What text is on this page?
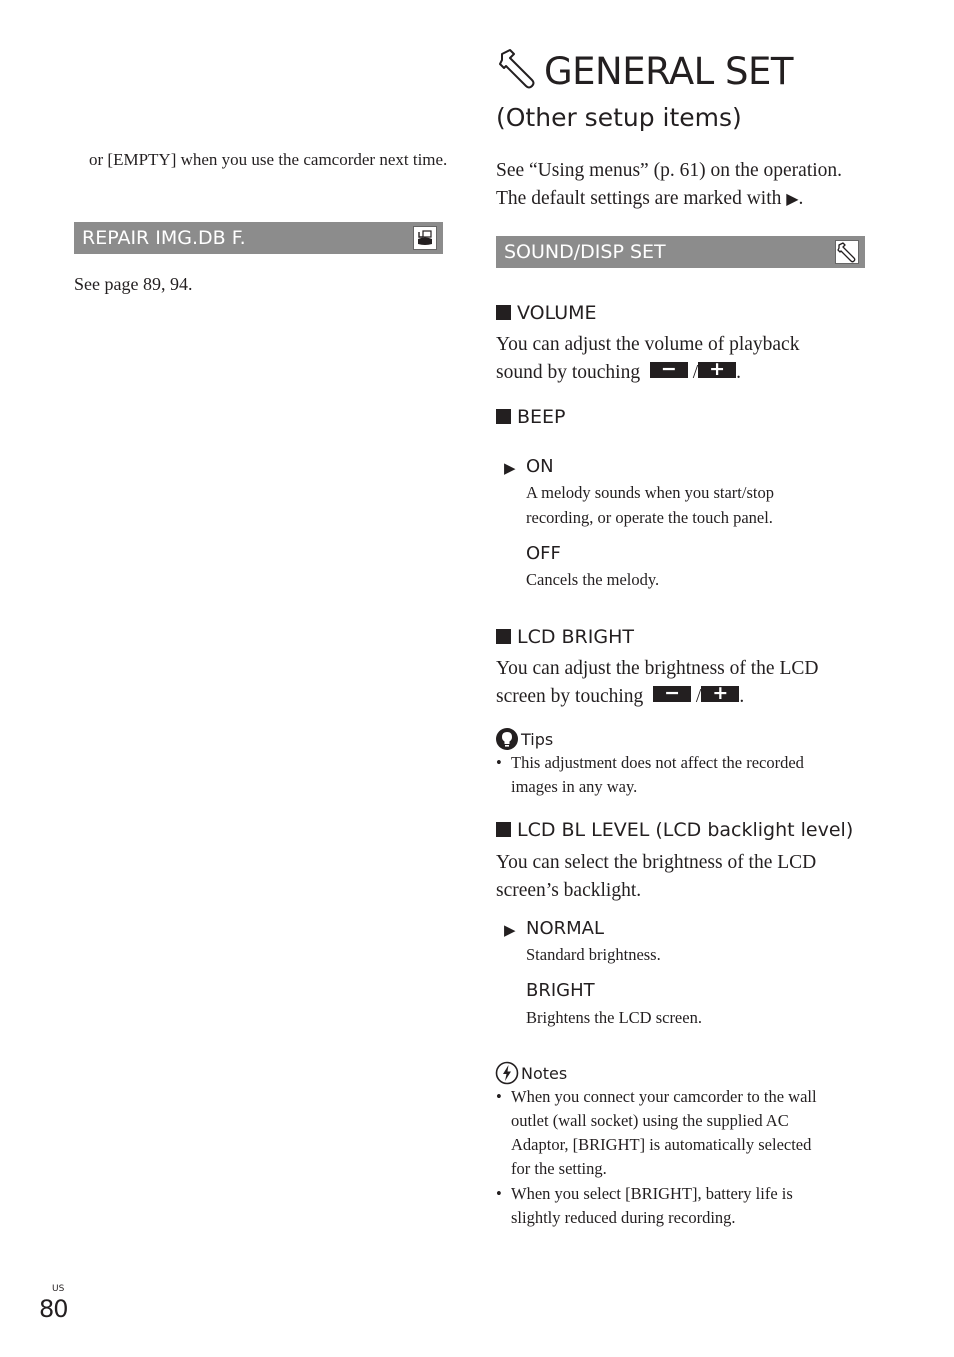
or [EMPTY] when you use the camcorder next time.
REPAIR IMG.DB F.
See page 89, 94.
GENERAL SET
(Other setup items)
See “Using menus” (p. 61) on the operation.
The default settings are marked with ▶.
SOUND/DISP SET
VOLUME
You can adjust the volume of playback
sound by touching	− / + .
BEEP
▶ ON
A melody sounds when you start/stop
recording, or operate the touch panel.
OFF
Cancels the melody.
LCD BRIGHT
You can adjust the brightness of the LCD
screen by touching	− / + .
Tips
• This adjustment does not affect the recorded
images in any way.
LCD BL LEVEL (LCD backlight level)
You can select the brightness of the LCD
screen’s backlight.
▶ NORMAL
Standard brightness.
BRIGHT
Brightens the LCD screen.
Notes
• When you connect your camcorder to the wall
outlet (wall socket) using the supplied AC
Adaptor, [BRIGHT] is automatically selected
for the setting.
• When you select [BRIGHT], battery life is
slightly reduced during recording.
US
80
